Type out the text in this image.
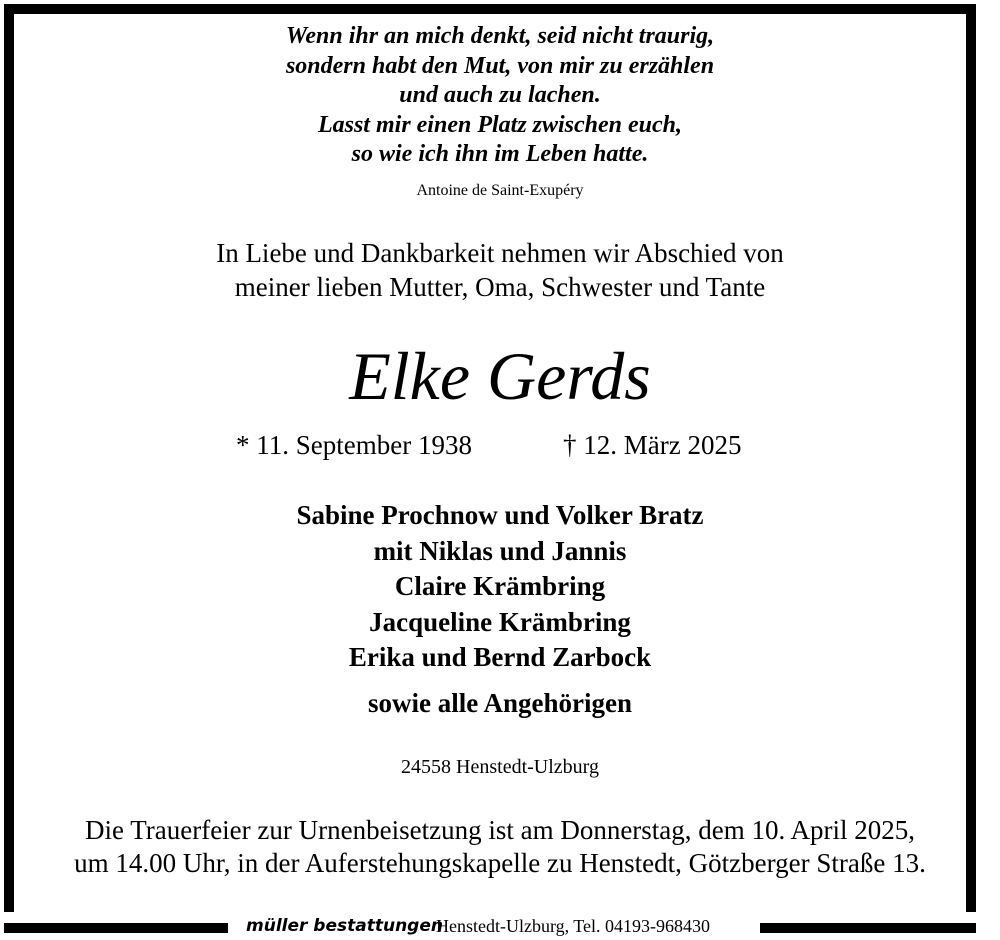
Wenn ihr an mich denkt, seid nicht traurig,
sondern habt den Mut, von mir zu erzählen
und auch zu lachen.
Lasst mir einen Platz zwischen euch,
so wie ich ihn im Leben hatte.
Antoine de Saint-Exupéry
In Liebe und Dankbarkeit nehmen wir Abschied von
meiner lieben Mutter, Oma, Schwester und Tante
Elke Gerds
* 11. September 1938	† 12. März 2025
Sabine Prochnow und Volker Bratz
mit Niklas und Jannis
Claire Krämbring
Jacqueline Krämbring
Erika und Bernd Zarbock
sowie alle Angehörigen
24558 Henstedt-Ulzburg
Die Trauerfeier zur Urnenbeisetzung ist am Donnerstag, dem 10. April 2025,
um 14.00 Uhr, in der Auferstehungskapelle zu Henstedt, Götzberger Straße 13.
müller bestattungen
Henstedt-Ulzburg, Tel. 04193-968430
